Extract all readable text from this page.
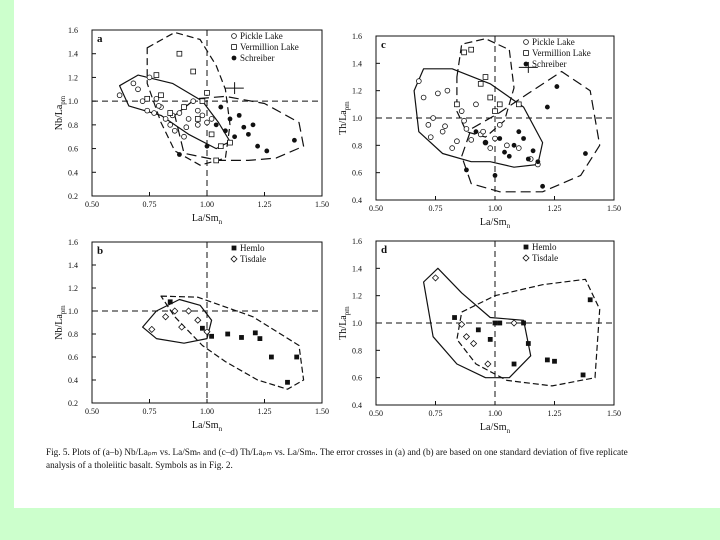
0.50	0.75	1.00	1.25	1.50
0.2
0.4
0.6
0.8
1.0
1.2
1.4
1.6
Pickle Lake
Vermillion Lake
Schreiber
a
$La/Sm_n$
$Nb/La_{pm}$
0.50	0.75	1.00	1.25	1.50
0.2
0.4
0.6
0.8
1.0
1.2
1.4
1.6
Hemlo
Tisdale
b
$La/Sm_n$
$Nb/La_{pm}$
0.50	0.75	1.00	1.25	1.50
0.4
0.6
0.8
1.0
1.2
1.4
1.6
Pickle Lake
Vermillion Lake
Schreiber
c
$La/Sm_n$
$Th/La_{pm}$
0.50	0.75	1.00	1.25	1.50
0.4
0.6
0.8
1.0
1.2
1.4
1.6
Hemlo
Tisdale
d
$La/Sm_n$
$Th/La_{pm}$
Fig. 5. Plots of (a–b) Nb/Laₚₘ vs. La/Smₙ and (c–d) Th/Laₚₘ vs. La/Smₙ. The error crosses in (a) and (b) are based on one standard deviation of five replicate analysis of a tholeiitic basalt. Symbols as in Fig. 2.
